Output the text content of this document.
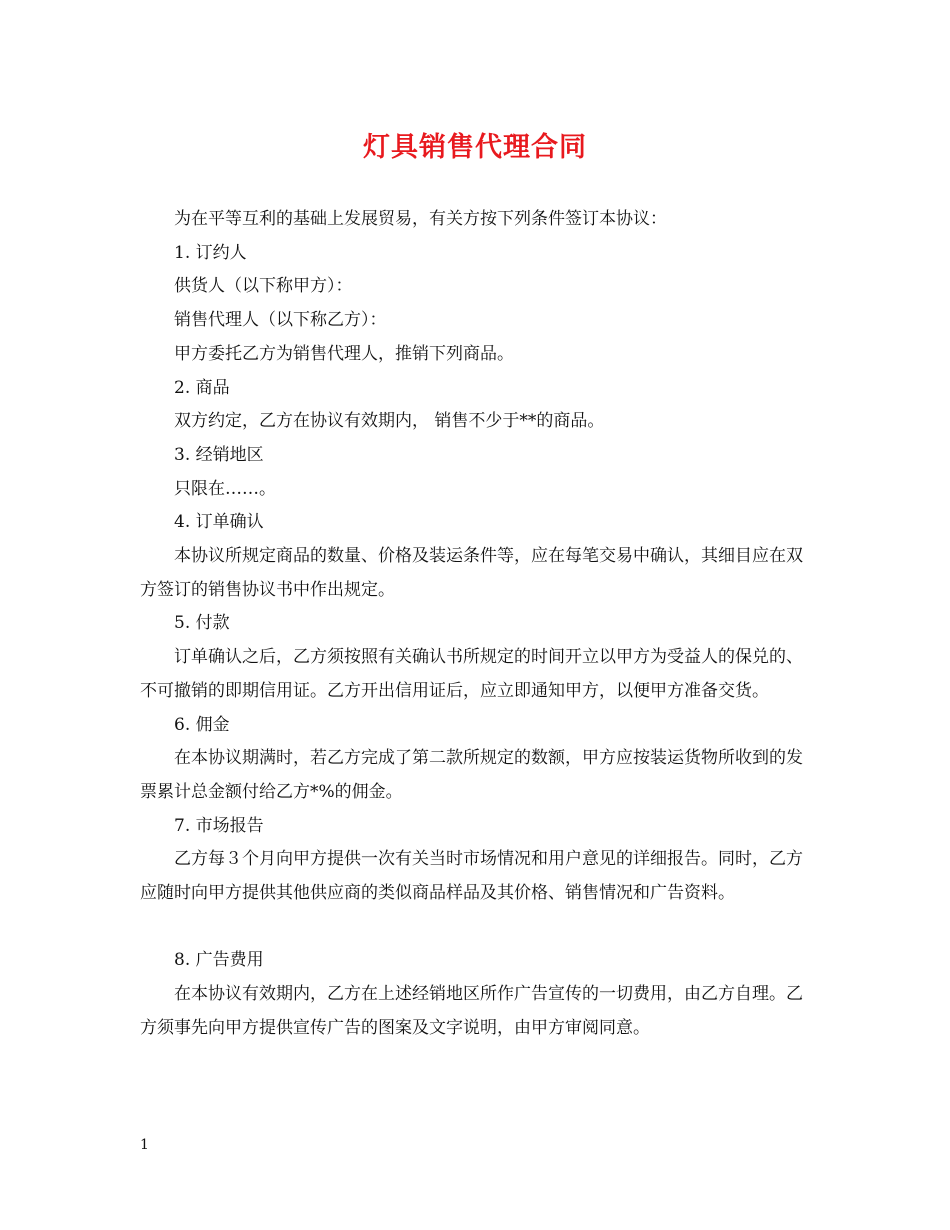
灯具销售代理合同

为在平等互利的基础上发展贸易，有关方按下列条件签订本协议：

1. 订约人

供货人（以下称甲方）：

销售代理人（以下称乙方）：

甲方委托乙方为销售代理人，推销下列商品。

2. 商品

双方约定，乙方在协议有效期内， 销售不少于**的商品。

3. 经销地区

只限在……。

4. 订单确认

本协议所规定商品的数量、价格及装运条件等，应在每笔交易中确认，其细目应在双方签订的销售协议书中作出规定。

5. 付款

订单确认之后，乙方须按照有关确认书所规定的时间开立以甲方为受益人的保兑的、不可撤销的即期信用证。乙方开出信用证后，应立即通知甲方，以便甲方准备交货。

6. 佣金

在本协议期满时，若乙方完成了第二款所规定的数额，甲方应按装运货物所收到的发票累计总金额付给乙方*%的佣金。

7. 市场报告

乙方每３个月向甲方提供一次有关当时市场情况和用户意见的详细报告。同时，乙方应随时向甲方提供其他供应商的类似商品样品及其价格、销售情况和广告资料。

8. 广告费用

在本协议有效期内，乙方在上述经销地区所作广告宣传的一切费用，由乙方自理。乙方须事先向甲方提供宣传广告的图案及文字说明，由甲方审阅同意。

1
